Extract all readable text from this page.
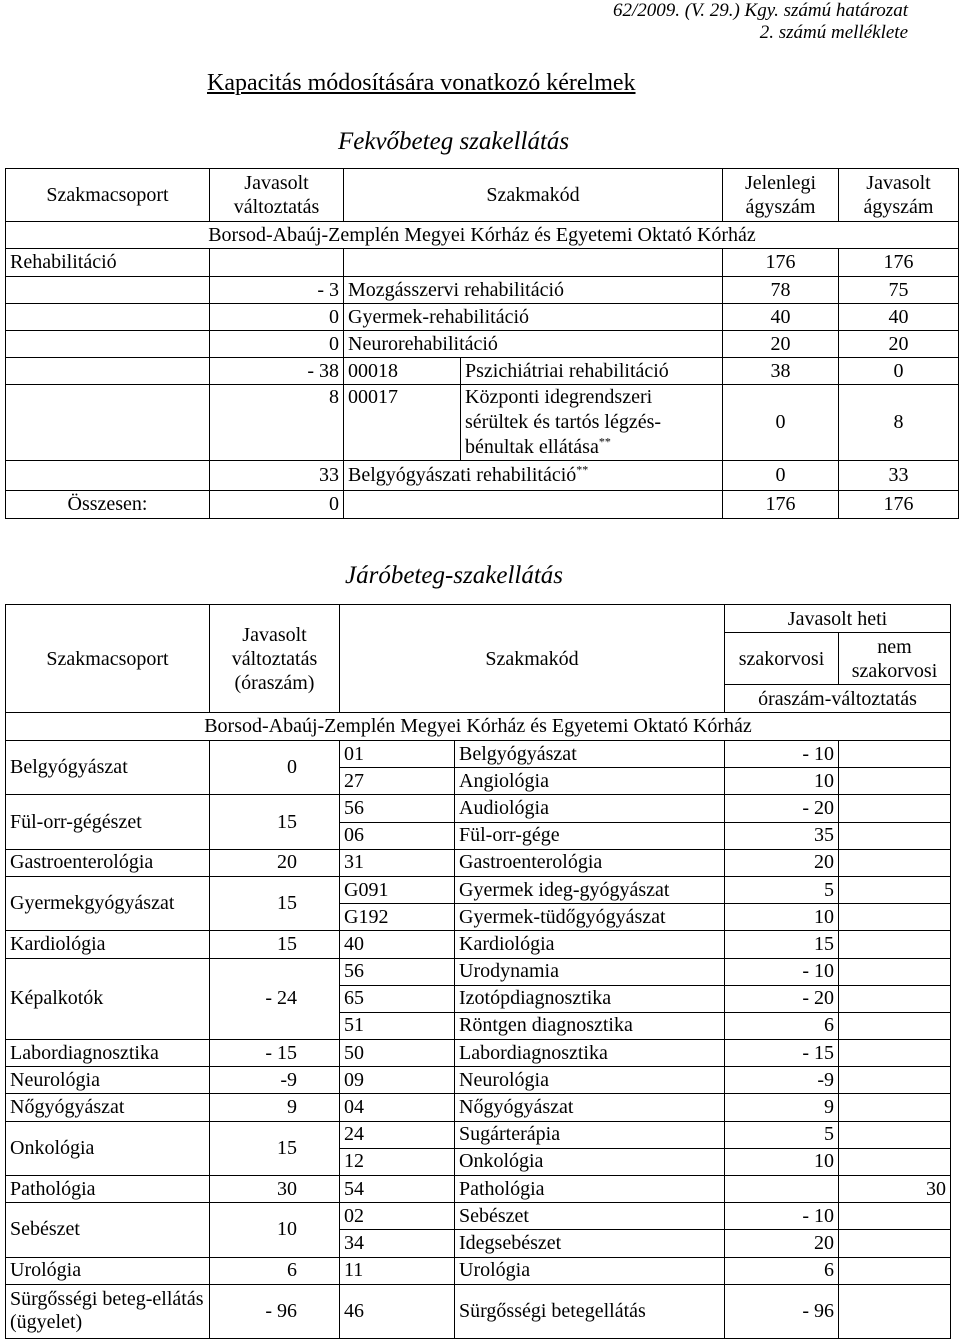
62/2009. (V. 29.) Kgy. számú határozat
2. számú melléklete
Kapacitás módosítására vonatkozó kérelmek
Fekvőbeteg szakellátás
Szakmacsoport	Javasolt
változtatás	Szakmakód		Jelenlegi
ágyszám	Javasolt
ágyszám
Borsod-Abaúj-Zemplén Megyei Kórház és Egyetemi Oktató Kórház					
Rehabilitáció				176	176
	- 3	Mozgásszervi rehabilitáció		78	75
	0	Gyermek-rehabilitáció		40	40
	0	Neurorehabilitáció		20	20
	- 38	00018	Pszichiátriai rehabilitáció	38	0
	8	00017	Központi idegrendszeri
sérültek és tartós légzés-
bénultak ellátása**	0	8
	33	Belgyógyászati rehabilitáció**		0	33
Összesen:	0			176	176
Járóbeteg-szakellátás
Szakmacsoport	Javasolt
változtatás
(óraszám)	Szakmakód		Javasolt heti	
				szakorvosi	nem
szakorvosi
				óraszám-változtatás	
Borsod-Abaúj-Zemplén Megyei Kórház és Egyetemi Oktató Kórház					
Belgyógyászat	0	01	Belgyógyászat	- 10	
		27	Angiológia	10	
Fül-orr-gégészet	15	56	Audiológia	- 20	
		06	Fül-orr-gége	35	
Gastroenterológia	20	31	Gastroenterológia	20	
Gyermekgyógyászat	15	G091	Gyermek ideg-gyógyászat	5	
		G192	Gyermek-tüdőgyógyászat	10	
Kardiológia	15	40	Kardiológia	15	
Képalkotók	- 24	56	Urodynamia	- 10	
		65	Izotópdiagnosztika	- 20	
		51	Röntgen diagnosztika	6	
Labordiagnosztika	- 15	50	Labordiagnosztika	- 15	
Neurológia	-9	09	Neurológia	-9	
Nőgyógyászat	9	04	Nőgyógyászat	9	
Onkológia	15	24	Sugárterápia	5	
		12	Onkológia	10	
Pathológia	30	54	Pathológia		30
Sebészet	10	02	Sebészet	- 10	
		34	Idegsebészet	20	
Urológia	6	11	Urológia	6	
Sürgősségi beteg-ellátás (ügyelet)	- 96	46	Sürgősségi betegellátás	- 96	
